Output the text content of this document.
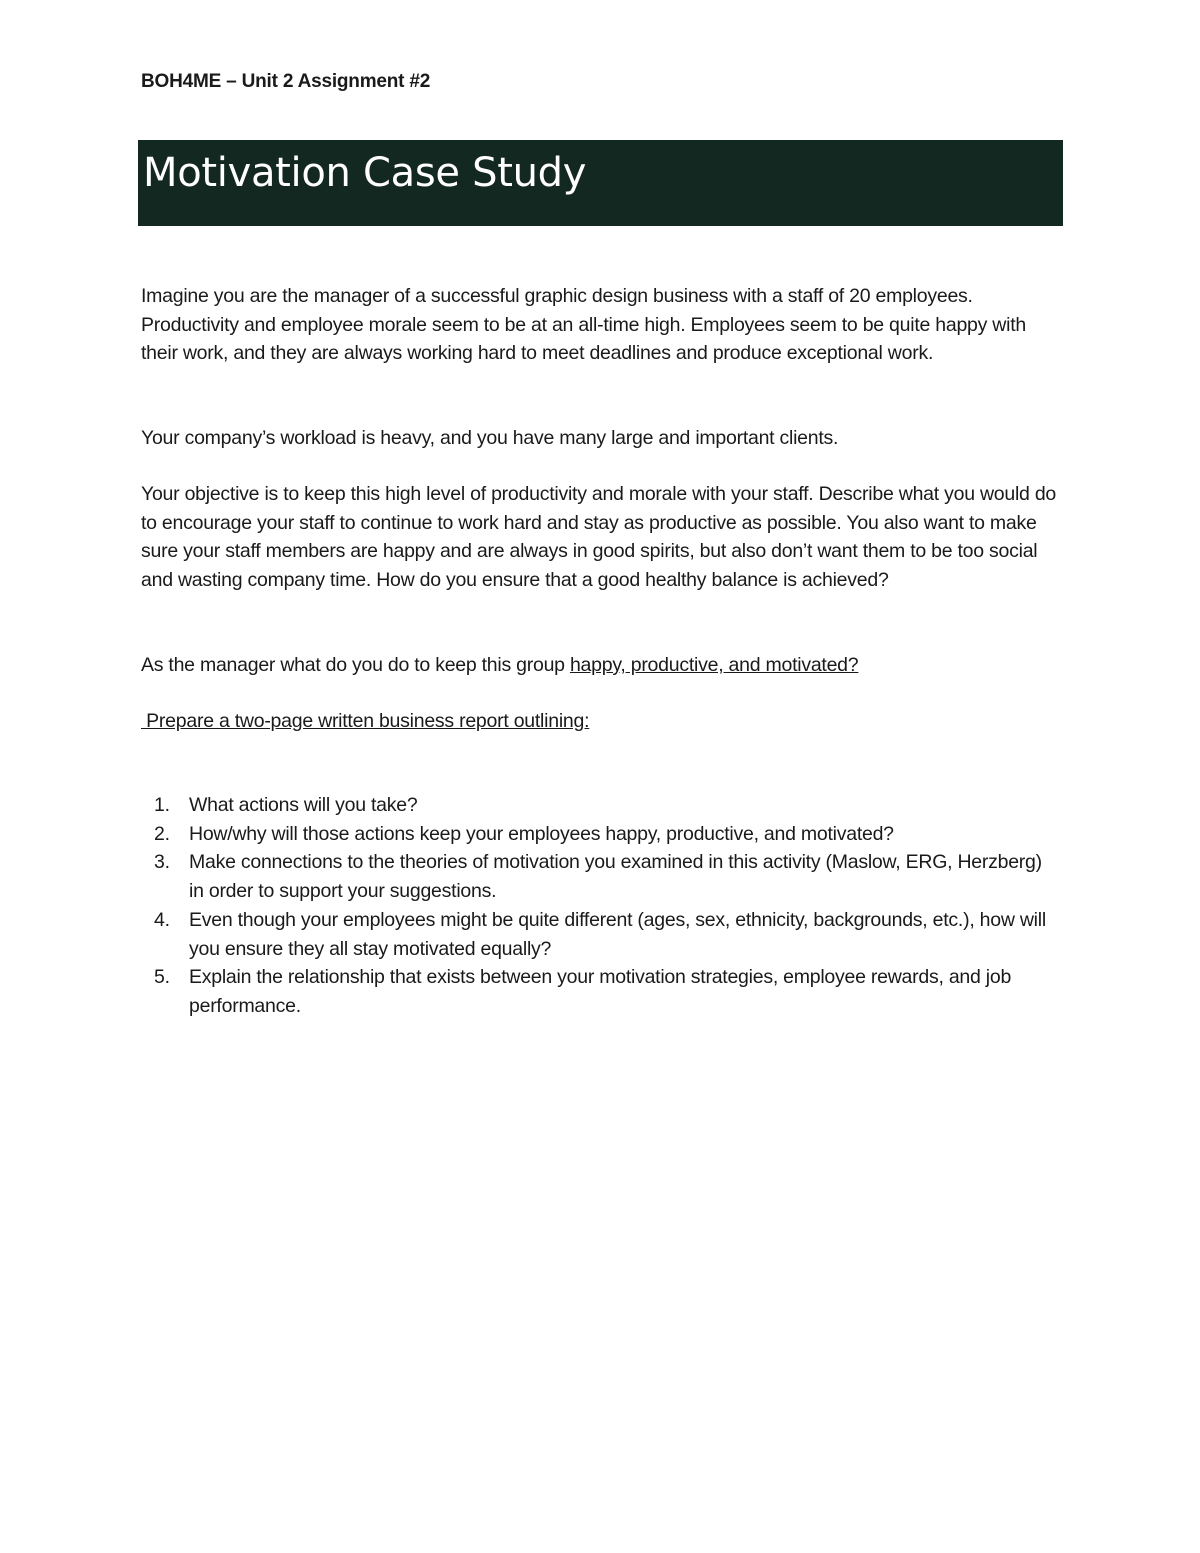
BOH4ME – Unit 2 Assignment #2
Motivation Case Study

Imagine you are the manager of a successful graphic design business with a staff of 20 employees. Productivity and employee morale seem to be at an all-time high. Employees seem to be quite happy with their work, and they are always working hard to meet deadlines and produce exceptional work.

Your company’s workload is heavy, and you have many large and important clients.

Your objective is to keep this high level of productivity and morale with your staff. Describe what you would do to encourage your staff to continue to work hard and stay as productive as possible. You also want to make sure your staff members are happy and are always in good spirits, but also don’t want them to be too social and wasting company time. How do you ensure that a good healthy balance is achieved?

As the manager what do you do to keep this group happy, productive, and motivated?

Prepare a two-page written business report outlining:
1. What actions will you take?
2. How/why will those actions keep your employees happy, productive, and motivated?
3. Make connections to the theories of motivation you examined in this activity (Maslow, ERG, Herzberg) in order to support your suggestions.
4. Even though your employees might be quite different (ages, sex, ethnicity, backgrounds, etc.), how will you ensure they all stay motivated equally?
5. Explain the relationship that exists between your motivation strategies, employee rewards, and job performance.
